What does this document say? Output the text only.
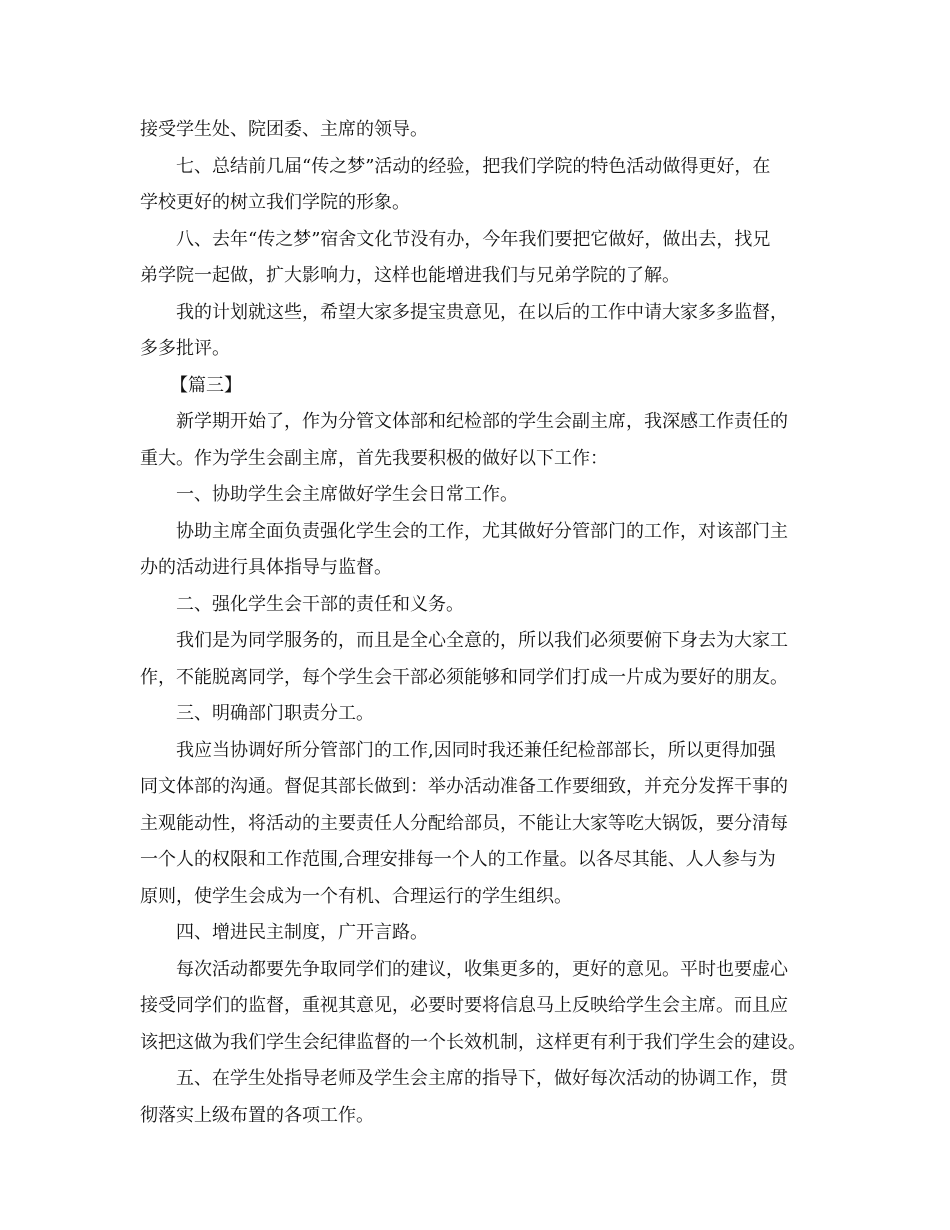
接受学生处、院团委、主席的领导。
七、总结前几届“传之梦”活动的经验，把我们学院的特色活动做得更好，在
学校更好的树立我们学院的形象。
八、去年“传之梦”宿舍文化节没有办，今年我们要把它做好，做出去，找兄
弟学院一起做，扩大影响力，这样也能增进我们与兄弟学院的了解。
我的计划就这些，希望大家多提宝贵意见，在以后的工作中请大家多多监督，
多多批评。
【篇三】
新学期开始了，作为分管文体部和纪检部的学生会副主席，我深感工作责任的
重大。作为学生会副主席，首先我要积极的做好以下工作：
一、协助学生会主席做好学生会日常工作。
协助主席全面负责强化学生会的工作，尤其做好分管部门的工作，对该部门主
办的活动进行具体指导与监督。
二、强化学生会干部的责任和义务。
我们是为同学服务的，而且是全心全意的，所以我们必须要俯下身去为大家工
作，不能脱离同学，每个学生会干部必须能够和同学们打成一片成为要好的朋友。
三、明确部门职责分工。
我应当协调好所分管部门的工作,因同时我还兼任纪检部部长，所以更得加强
同文体部的沟通。督促其部长做到：举办活动准备工作要细致，并充分发挥干事的
主观能动性，将活动的主要责任人分配给部员，不能让大家等吃大锅饭，要分清每
一个人的权限和工作范围,合理安排每一个人的工作量。以各尽其能、人人参与为
原则，使学生会成为一个有机、合理运行的学生组织。
四、增进民主制度，广开言路。
每次活动都要先争取同学们的建议，收集更多的，更好的意见。平时也要虚心
接受同学们的监督，重视其意见，必要时要将信息马上反映给学生会主席。而且应
该把这做为我们学生会纪律监督的一个长效机制，这样更有利于我们学生会的建设。
五、在学生处指导老师及学生会主席的指导下，做好每次活动的协调工作，贯
彻落实上级布置的各项工作。
